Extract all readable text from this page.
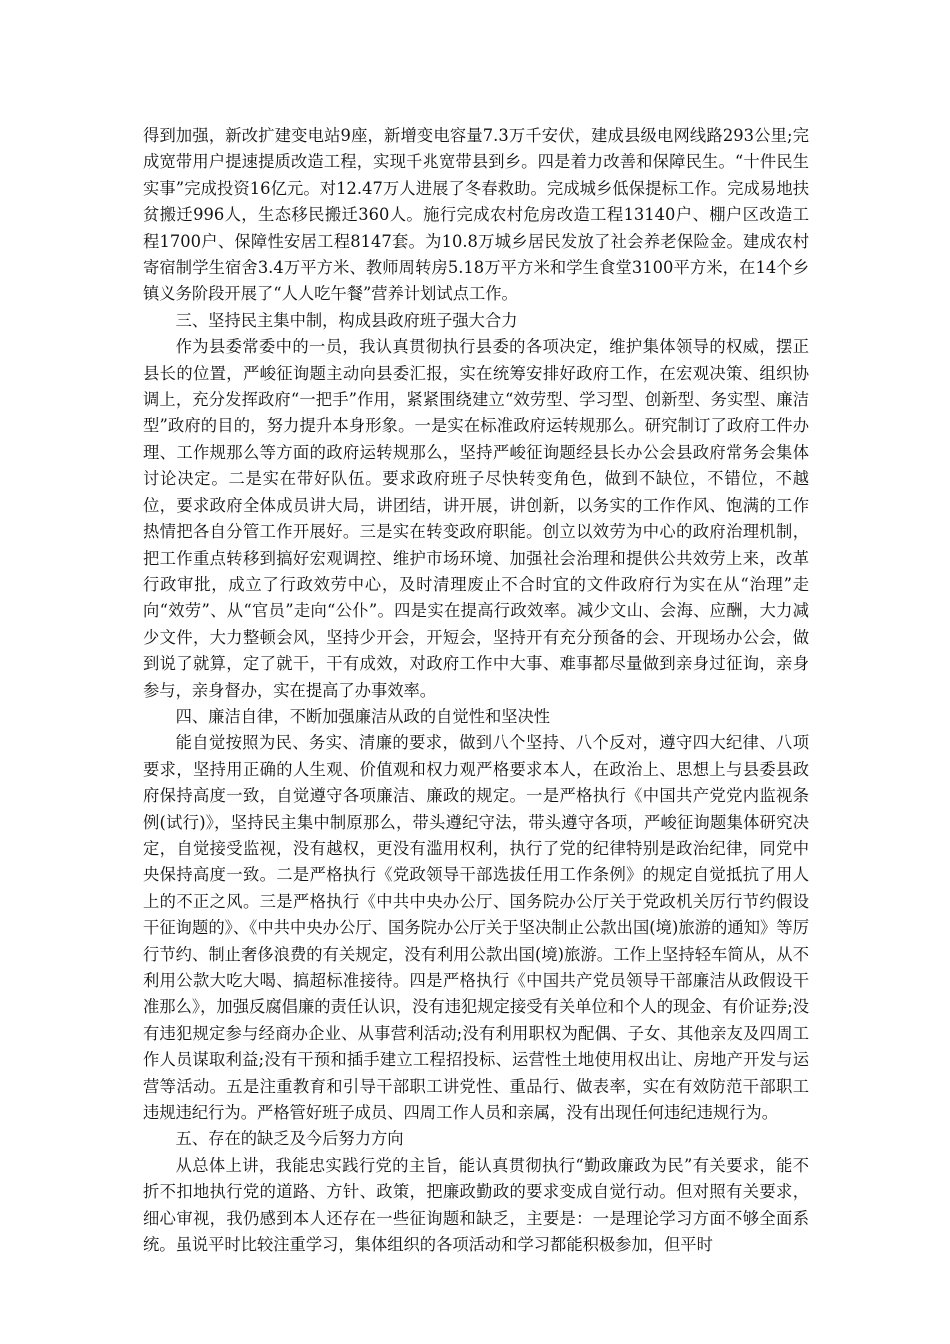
得到加强，新改扩建变电站9座，新增变电容量7.3万千安伏，建成县级电网线路293公里;完成宽带用户提速提质改造工程，实现千兆宽带县到乡。四是着力改善和保障民生。“十件民生实事”完成投资16亿元。对12.47万人进展了冬春救助。完成城乡低保提标工作。完成易地扶贫搬迁996人，生态移民搬迁360人。施行完成农村危房改造工程13140户、棚户区改造工程1700户、保障性安居工程8147套。为10.8万城乡居民发放了社会养老保险金。建成农村寄宿制学生宿舍3.4万平方米、教师周转房5.18万平方米和学生食堂3100平方米，在14个乡镇义务阶段开展了“人人吃午餐”营养计划试点工作。

三、坚持民主集中制，构成县政府班子强大合力

作为县委常委中的一员，我认真贯彻执行县委的各项决定，维护集体领导的权威，摆正县长的位置，严峻征询题主动向县委汇报，实在统筹安排好政府工作，在宏观决策、组织协调上，充分发挥政府“一把手”作用，紧紧围绕建立“效劳型、学习型、创新型、务实型、廉洁型”政府的目的，努力提升本身形象。一是实在标准政府运转规那么。研究制订了政府工件办理、工作规那么等方面的政府运转规那么，坚持严峻征询题经县长办公会县政府常务会集体讨论决定。二是实在带好队伍。要求政府班子尽快转变角色，做到不缺位，不错位，不越位，要求政府全体成员讲大局，讲团结，讲开展，讲创新，以务实的工作作风、饱满的工作热情把各自分管工作开展好。三是实在转变政府职能。创立以效劳为中心的政府治理机制，把工作重点转移到搞好宏观调控、维护市场环境、加强社会治理和提供公共效劳上来，改革行政审批，成立了行政效劳中心，及时清理废止不合时宜的文件政府行为实在从“治理”走向“效劳”、从“官员”走向“公仆”。四是实在提高行政效率。减少文山、会海、应酬，大力减少文件，大力整顿会风，坚持少开会，开短会，坚持开有充分预备的会、开现场办公会，做到说了就算，定了就干，干有成效，对政府工作中大事、难事都尽量做到亲身过征询，亲身参与，亲身督办，实在提高了办事效率。

四、廉洁自律，不断加强廉洁从政的自觉性和坚决性

能自觉按照为民、务实、清廉的要求，做到八个坚持、八个反对，遵守四大纪律、八项要求，坚持用正确的人生观、价值观和权力观严格要求本人，在政治上、思想上与县委县政府保持高度一致，自觉遵守各项廉洁、廉政的规定。一是严格执行《中国共产党党内监视条例(试行)》，坚持民主集中制原那么，带头遵纪守法，带头遵守各项，严峻征询题集体研究决定，自觉接受监视，没有越权，更没有滥用权利，执行了党的纪律特别是政治纪律，同党中央保持高度一致。二是严格执行《党政领导干部选拔任用工作条例》的规定自觉抵抗了用人上的不正之风。三是严格执行《中共中央办公厅、国务院办公厅关于党政机关厉行节约假设干征询题的》、《中共中央办公厅、国务院办公厅关于坚决制止公款出国(境)旅游的通知》等厉行节约、制止奢侈浪费的有关规定，没有利用公款出国(境)旅游。工作上坚持轻车简从，从不利用公款大吃大喝、搞超标准接待。四是严格执行《中国共产党员领导干部廉洁从政假设干准那么》，加强反腐倡廉的责任认识，没有违犯规定接受有关单位和个人的现金、有价证券;没有违犯规定参与经商办企业、从事营利活动;没有利用职权为配偶、子女、其他亲友及四周工作人员谋取利益;没有干预和插手建立工程招投标、运营性土地使用权出让、房地产开发与运营等活动。五是注重教育和引导干部职工讲党性、重品行、做表率，实在有效防范干部职工违规违纪行为。严格管好班子成员、四周工作人员和亲属，没有出现任何违纪违规行为。

五、存在的缺乏及今后努力方向

从总体上讲，我能忠实践行党的主旨，能认真贯彻执行“勤政廉政为民”有关要求，能不折不扣地执行党的道路、方针、政策，把廉政勤政的要求变成自觉行动。但对照有关要求，细心审视，我仍感到本人还存在一些征询题和缺乏，主要是：一是理论学习方面不够全面系统。虽说平时比较注重学习，集体组织的各项活动和学习都能积极参加，但平时
